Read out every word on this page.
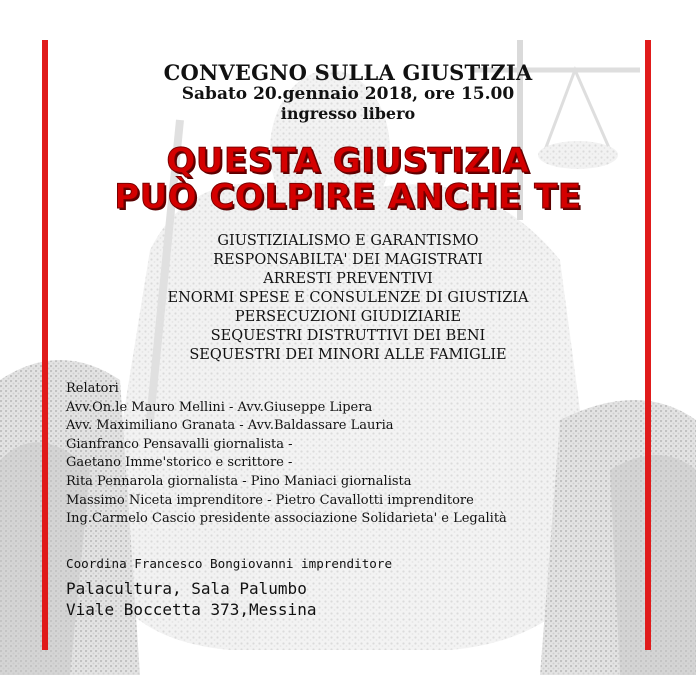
CONVEGNO SULLA GIUSTIZIA
Sabato 20.gennaio 2018, ore 15.00
ingresso libero
QUESTA GIUSTIZIA
PUÒ COLPIRE ANCHE TE
GIUSTIZIALISMO E GARANTISMO
RESPONSABILTA' DEI MAGISTRATI
ARRESTI PREVENTIVI
ENORMI SPESE E CONSULENZE DI GIUSTIZIA
PERSECUZIONI GIUDIZIARIE
SEQUESTRI DISTRUTTIVI DEI BENI
SEQUESTRI DEI MINORI ALLE FAMIGLIE
Relatori
Avv.On.le Mauro Mellini - Avv.Giuseppe Lipera
Avv. Maximiliano Granata - Avv.Baldassare Lauria
Gianfranco Pensavalli giornalista -
Gaetano Imme'storico e scrittore -
Rita Pennarola giornalista - Pino Maniaci giornalista
Massimo Niceta imprenditore - Pietro Cavallotti imprenditore
Ing.Carmelo Cascio presidente associazione Solidarieta' e Legalità
Coordina Francesco Bongiovanni imprenditore
Palacultura, Sala Palumbo
Viale Boccetta 373,Messina
